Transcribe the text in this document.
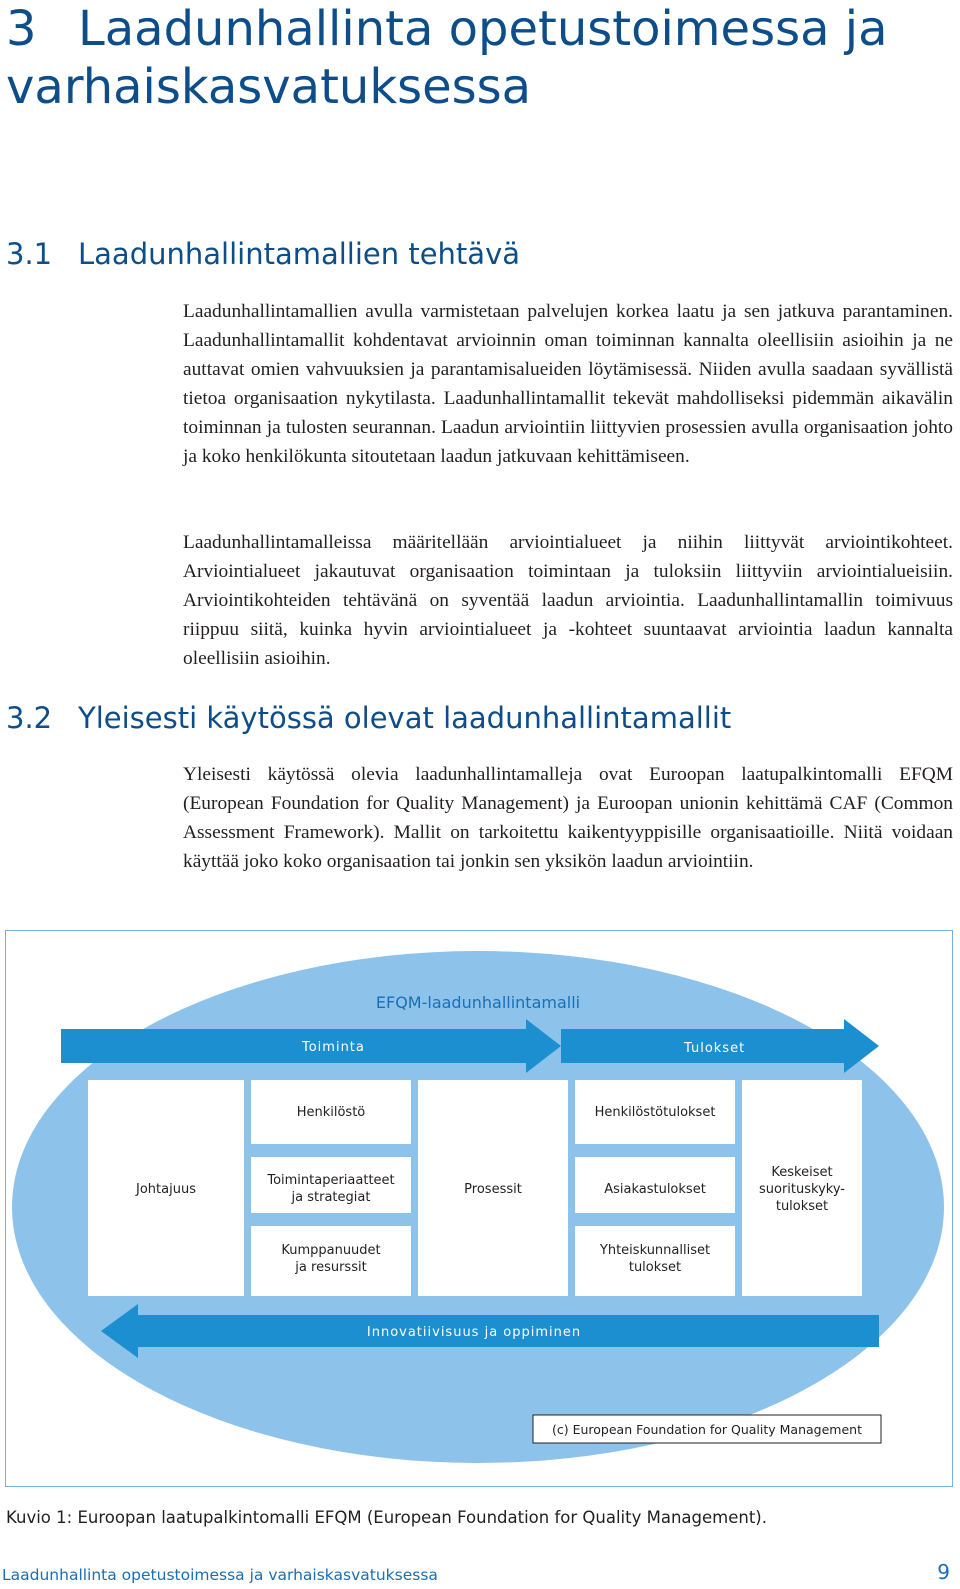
3 Laadunhallinta opetustoimessa ja varhaiskasvatuksessa
3.1 Laadunhallintamallien tehtävä

Laadunhallintamallien avulla varmistetaan palvelujen korkea laatu ja sen jatkuva parantaminen. Laadunhallintamallit kohdentavat arvioinnin oman toiminnan kannalta oleellisiin asioihin ja ne auttavat omien vahvuuksien ja parantamisalueiden löytämisessä. Niiden avulla saadaan syvällistä tietoa organisaation nykytilasta. Laadunhallintamallit tekevät mahdolliseksi pidemmän aikavälin toiminnan ja tulosten seurannan. Laadun arviointiin liittyvien prosessien avulla organisaation johto ja koko henkilökunta sitoutetaan laadun jatkuvaan kehittämiseen.

Laadunhallintamalleissa määritellään arviointialueet ja niihin liittyvät arviointikohteet. Arviointialueet jakautuvat organisaation toimintaan ja tuloksiin liittyviin arviointialueisiin. Arviointikohteiden tehtävänä on syventää laadun arviointia. Laadunhallintamallin toimivuus riippuu siitä, kuinka hyvin arviointialueet ja -kohteet suuntaavat arviointia laadun kannalta oleellisiin asioihin.

3.2 Yleisesti käytössä olevat laadunhallintamallit

Yleisesti käytössä olevia laadunhallintamalleja ovat Euroopan laatupalkintomalli EFQM (European Foundation for Quality Management) ja Euroopan unionin kehittämä CAF (Common Assessment Framework). Mallit on tarkoitettu kaikentyyppisille organisaatioille. Niitä voidaan käyttää joko koko organisaation tai jonkin sen yksikön laadun arviointiin.

EFQM-laadunhallintamalli
Toiminta	Tulokset
Johtajuus
Henkilöstö
Toimintaperiaatteet
ja strategiat
Kumppanuudet
ja resurssit
Prosessit
Henkilöstötulokset
Asiakastulokset
Yhteiskunnalliset
tulokset
Keskeiset
suorituskyky-
tulokset
Innovatiivisuus ja oppiminen
(c) European Foundation for Quality Management

Kuvio 1: Euroopan laatupalkintomalli EFQM (European Foundation for Quality Management).

Laadunhallinta opetustoimessa ja varhaiskasvatuksessa	9
